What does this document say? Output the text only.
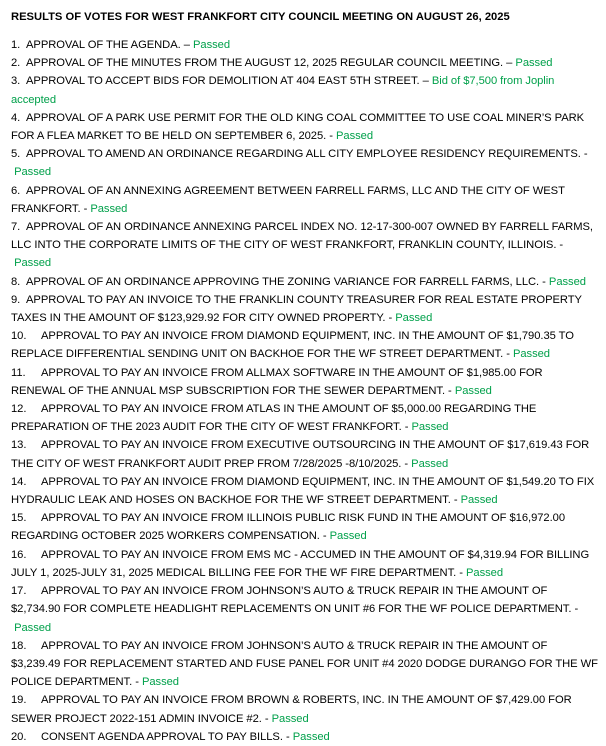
RESULTS OF VOTES FOR WEST FRANKFORT CITY COUNCIL MEETING ON AUGUST 26, 2025
1. APPROVAL OF THE AGENDA. – Passed
2. APPROVAL OF THE MINUTES FROM THE AUGUST 12, 2025 REGULAR COUNCIL MEETING. – Passed
3. APPROVAL TO ACCEPT BIDS FOR DEMOLITION AT 404 EAST 5TH STREET. – Bid of $7,500 from Joplin accepted
4. APPROVAL OF A PARK USE PERMIT FOR THE OLD KING COAL COMMITTEE TO USE COAL MINER’S PARK FOR A FLEA MARKET TO BE HELD ON SEPTEMBER 6, 2025. - Passed
5. APPROVAL TO AMEND AN ORDINANCE REGARDING ALL CITY EMPLOYEE RESIDENCY REQUIREMENTS. - Passed
6. APPROVAL OF AN ANNEXING AGREEMENT BETWEEN FARRELL FARMS, LLC AND THE CITY OF WEST FRANKFORT. - Passed
7. APPROVAL OF AN ORDINANCE ANNEXING PARCEL INDEX NO. 12-17-300-007 OWNED BY FARRELL FARMS, LLC INTO THE CORPORATE LIMITS OF THE CITY OF WEST FRANKFORT, FRANKLIN COUNTY, ILLINOIS. - Passed
8. APPROVAL OF AN ORDINANCE APPROVING THE ZONING VARIANCE FOR FARRELL FARMS, LLC. - Passed
9. APPROVAL TO PAY AN INVOICE TO THE FRANKLIN COUNTY TREASURER FOR REAL ESTATE PROPERTY TAXES IN THE AMOUNT OF $123,929.92 FOR CITY OWNED PROPERTY. - Passed
10. APPROVAL TO PAY AN INVOICE FROM DIAMOND EQUIPMENT, INC. IN THE AMOUNT OF $1,790.35 TO REPLACE DIFFERENTIAL SENDING UNIT ON BACKHOE FOR THE WF STREET DEPARTMENT. - Passed
11. APPROVAL TO PAY AN INVOICE FROM ALLMAX SOFTWARE IN THE AMOUNT OF $1,985.00 FOR RENEWAL OF THE ANNUAL MSP SUBSCRIPTION FOR THE SEWER DEPARTMENT. - Passed
12. APPROVAL TO PAY AN INVOICE FROM ATLAS IN THE AMOUNT OF $5,000.00 REGARDING THE PREPARATION OF THE 2023 AUDIT FOR THE CITY OF WEST FRANKFORT. - Passed
13. APPROVAL TO PAY AN INVOICE FROM EXECUTIVE OUTSOURCING IN THE AMOUNT OF $17,619.43 FOR THE CITY OF WEST FRANKFORT AUDIT PREP FROM 7/28/2025 -8/10/2025. - Passed
14. APPROVAL TO PAY AN INVOICE FROM DIAMOND EQUIPMENT, INC. IN THE AMOUNT OF $1,549.20 TO FIX HYDRAULIC LEAK AND HOSES ON BACKHOE FOR THE WF STREET DEPARTMENT. - Passed
15. APPROVAL TO PAY AN INVOICE FROM ILLINOIS PUBLIC RISK FUND IN THE AMOUNT OF $16,972.00 REGARDING OCTOBER 2025 WORKERS COMPENSATION. - Passed
16. APPROVAL TO PAY AN INVOICE FROM EMS MC - ACCUMED IN THE AMOUNT OF $4,319.94 FOR BILLING JULY 1, 2025-JULY 31, 2025 MEDICAL BILLING FEE FOR THE WF FIRE DEPARTMENT. - Passed
17. APPROVAL TO PAY AN INVOICE FROM JOHNSON’S AUTO & TRUCK REPAIR IN THE AMOUNT OF $2,734.90 FOR COMPLETE HEADLIGHT REPLACEMENTS ON UNIT #6 FOR THE WF POLICE DEPARTMENT. - Passed
18. APPROVAL TO PAY AN INVOICE FROM JOHNSON’S AUTO & TRUCK REPAIR IN THE AMOUNT OF $3,239.49 FOR REPLACEMENT STARTED AND FUSE PANEL FOR UNIT #4 2020 DODGE DURANGO FOR THE WF POLICE DEPARTMENT. - Passed
19. APPROVAL TO PAY AN INVOICE FROM BROWN & ROBERTS, INC. IN THE AMOUNT OF $7,429.00 FOR SEWER PROJECT 2022-151 ADMIN INVOICE #2. - Passed
20. CONSENT AGENDA APPROVAL TO PAY BILLS. - Passed
